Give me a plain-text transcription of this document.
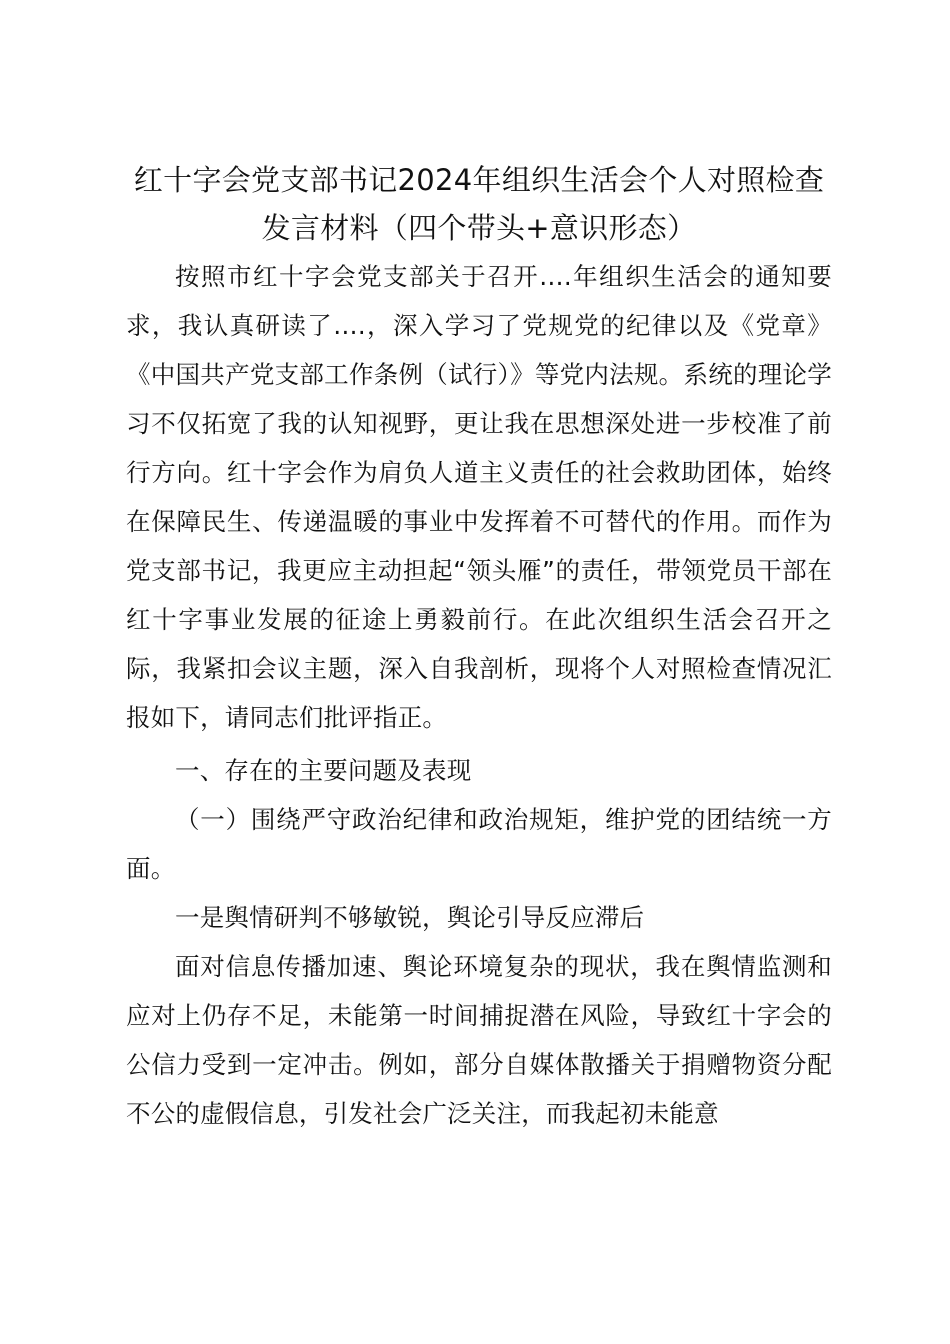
红十字会党支部书记2024年组织生活会个人对照检查
发言材料（四个带头+意识形态）

按照市红十字会党支部关于召开….年组织生活会的通知要求，我认真研读了….，深入学习了党规党的纪律以及《党章》《中国共产党支部工作条例（试行）》等党内法规。系统的理论学习不仅拓宽了我的认知视野，更让我在思想深处进一步校准了前行方向。红十字会作为肩负人道主义责任的社会救助团体，始终在保障民生、传递温暖的事业中发挥着不可替代的作用。而作为党支部书记，我更应主动担起“领头雁”的责任，带领党员干部在红十字事业发展的征途上勇毅前行。在此次组织生活会召开之际，我紧扣会议主题，深入自我剖析，现将个人对照检查情况汇报如下，请同志们批评指正。

一、存在的主要问题及表现

（一）围绕严守政治纪律和政治规矩，维护党的团结统一方面。

一是舆情研判不够敏锐，舆论引导反应滞后

面对信息传播加速、舆论环境复杂的现状，我在舆情监测和应对上仍存不足，未能第一时间捕捉潜在风险，导致红十字会的公信力受到一定冲击。例如，部分自媒体散播关于捐赠物资分配不公的虚假信息，引发社会广泛关注，而我起初未能意
